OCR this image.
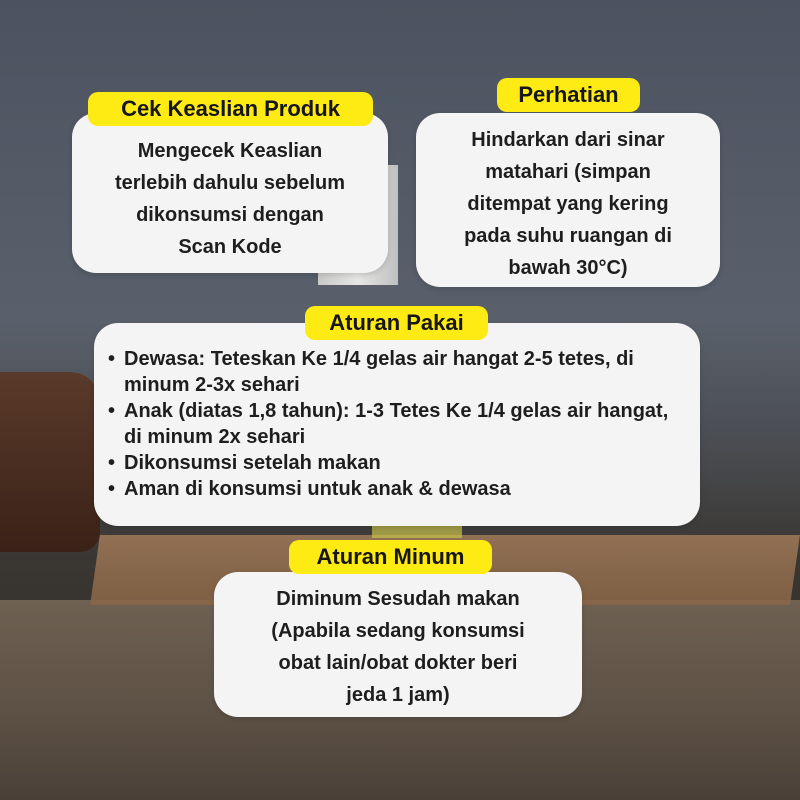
Mengecek Keaslian
terlebih dahulu sebelum
dikonsumsi dengan
Scan Kode
Cek Keaslian Produk
Hindarkan dari sinar
matahari (simpan
ditempat yang kering
pada suhu ruangan di
bawah 30°C)
Perhatian
• Dewasa: Teteskan Ke 1/4 gelas air hangat 2-5 tetes, di minum 2-3x sehari
• Anak (diatas 1,8 tahun): 1-3 Tetes Ke 1/4 gelas air hangat, di minum 2x sehari
• Dikonsumsi setelah makan
• Aman di konsumsi untuk anak & dewasa
Aturan Pakai
Diminum Sesudah makan
(Apabila sedang konsumsi
obat lain/obat dokter beri
jeda 1 jam)
Aturan Minum
